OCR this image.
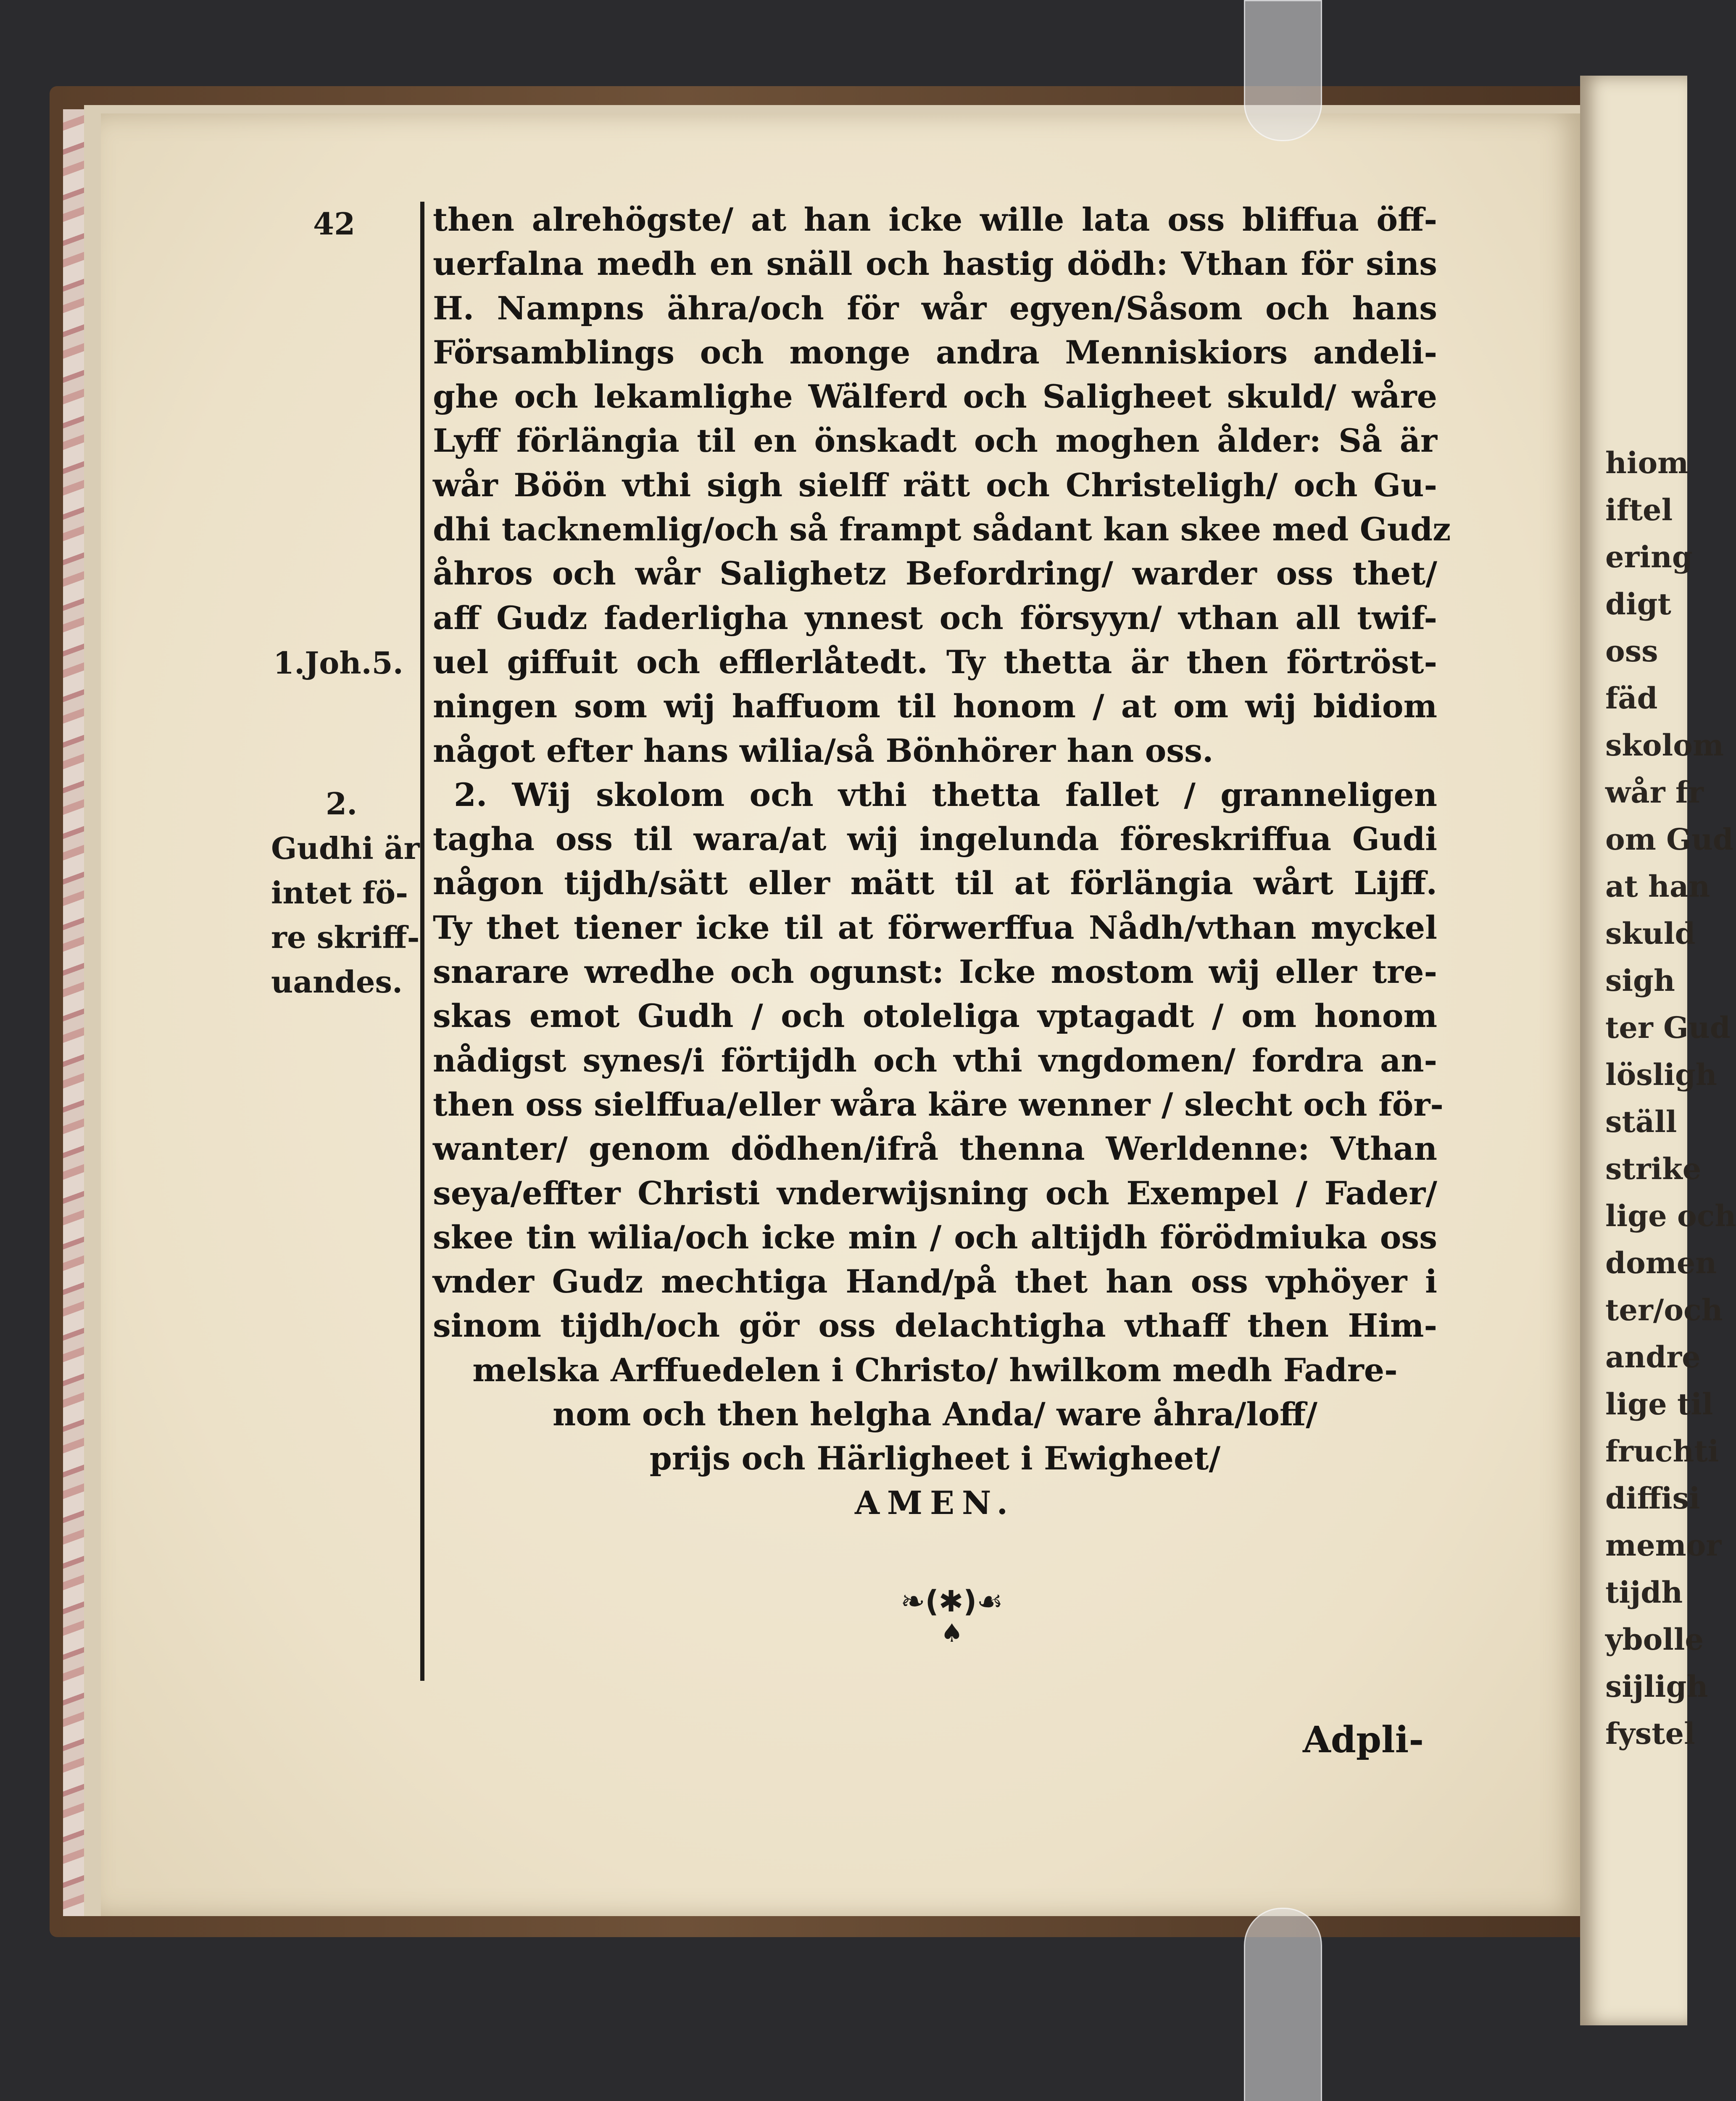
hiom
iftel
ering
digt
oss
fäd
skolom
wår fr
om Gud
at han
skuld
sigh
ter Gud
lösligh
ställ
strike
lige och
domen
ter/och
andre
lige til
fruchti
diffisi
memor
tijdh
ybolle
sijligh
fystel
42
1.Joh.5.
2.
Gudhi är
intet fö-
re skriff-
uandes.
then alrehögste/ at han icke wille lata oss bliffua öff-
uerfalna medh en snäll och hastig dödh: Vthan för sins
H. Nampns ähra/och för wår egyen/Såsom och hans
Församblings och monge andra Menniskiors andeli-
ghe och lekamlighe Wälferd och Saligheet skuld/ wåre
Lyff förlängia til en önskadt och moghen ålder: Så är
wår Böön vthi sigh sielff rätt och Christeligh/ och Gu-
dhi tacknemlig/och så frampt sådant kan skee med Gudz
åhros och wår Salighetz Befordring/ warder oss thet/
aff Gudz faderligha ynnest och försyyn/ vthan all twif-
uel giffuit och efflerlåtedt. Ty thetta är then förtröst-
ningen som wij haffuom til honom / at om wij bidiom
något efter hans wilia/så Bönhörer han oss.
2. Wij skolom och vthi thetta fallet / granneligen
tagha oss til wara/at wij ingelunda föreskriffua Gudi
någon tijdh/sätt eller mätt til at förlängia wårt Lijff.
Ty thet tiener icke til at förwerffua Nådh/vthan myckel
snarare wredhe och ogunst: Icke mostom wij eller tre-
skas emot Gudh / och otoleliga vptagadt / om honom
nådigst synes/i förtijdh och vthi vngdomen/ fordra an-
then oss sielffua/eller wåra käre wenner / slecht och för-
wanter/ genom dödhen/ifrå thenna Werldenne: Vthan
seya/effter Christi vnderwijsning och Exempel / Fader/
skee tin wilia/och icke min / och altijdh förödmiuka oss
vnder Gudz mechtiga Hand/på thet han oss vphöyer i
sinom tijdh/och gör oss delachtigha vthaff then Him-
melska Arffuedelen i Christo/ hwilkom medh Fadre-
nom och then helgha Anda/ ware åhra/loff/
prijs och Härligheet i Ewigheet/
AMEN.
❧(✱)☙
♠
Adpli-
